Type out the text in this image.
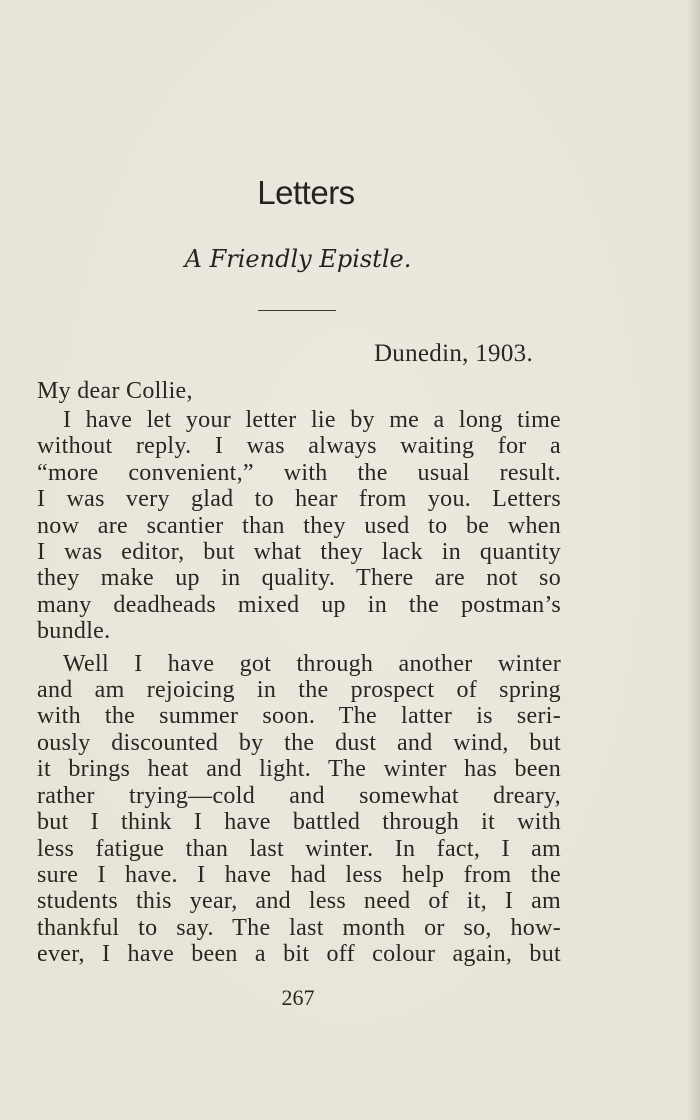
Letters
A Friendly Epistle.
Dunedin, 1903.
My dear Collie,

I have let your letter lie by me a long time
without reply. I was always waiting for a
“more convenient,” with the usual result.
I was very glad to hear from you. Letters
now are scantier than they used to be when
I was editor, but what they lack in quantity
they make up in quality. There are not so
many deadheads mixed up in the postman’s
bundle.

Well I have got through another winter
and am rejoicing in the prospect of spring
with the summer soon. The latter is seri-
ously discounted by the dust and wind, but
it brings heat and light. The winter has been
rather trying—cold and somewhat dreary,
but I think I have battled through it with
less fatigue than last winter. In fact, I am
sure I have. I have had less help from the
students this year, and less need of it, I am
thankful to say. The last month or so, how-
ever, I have been a bit off colour again, but

267
